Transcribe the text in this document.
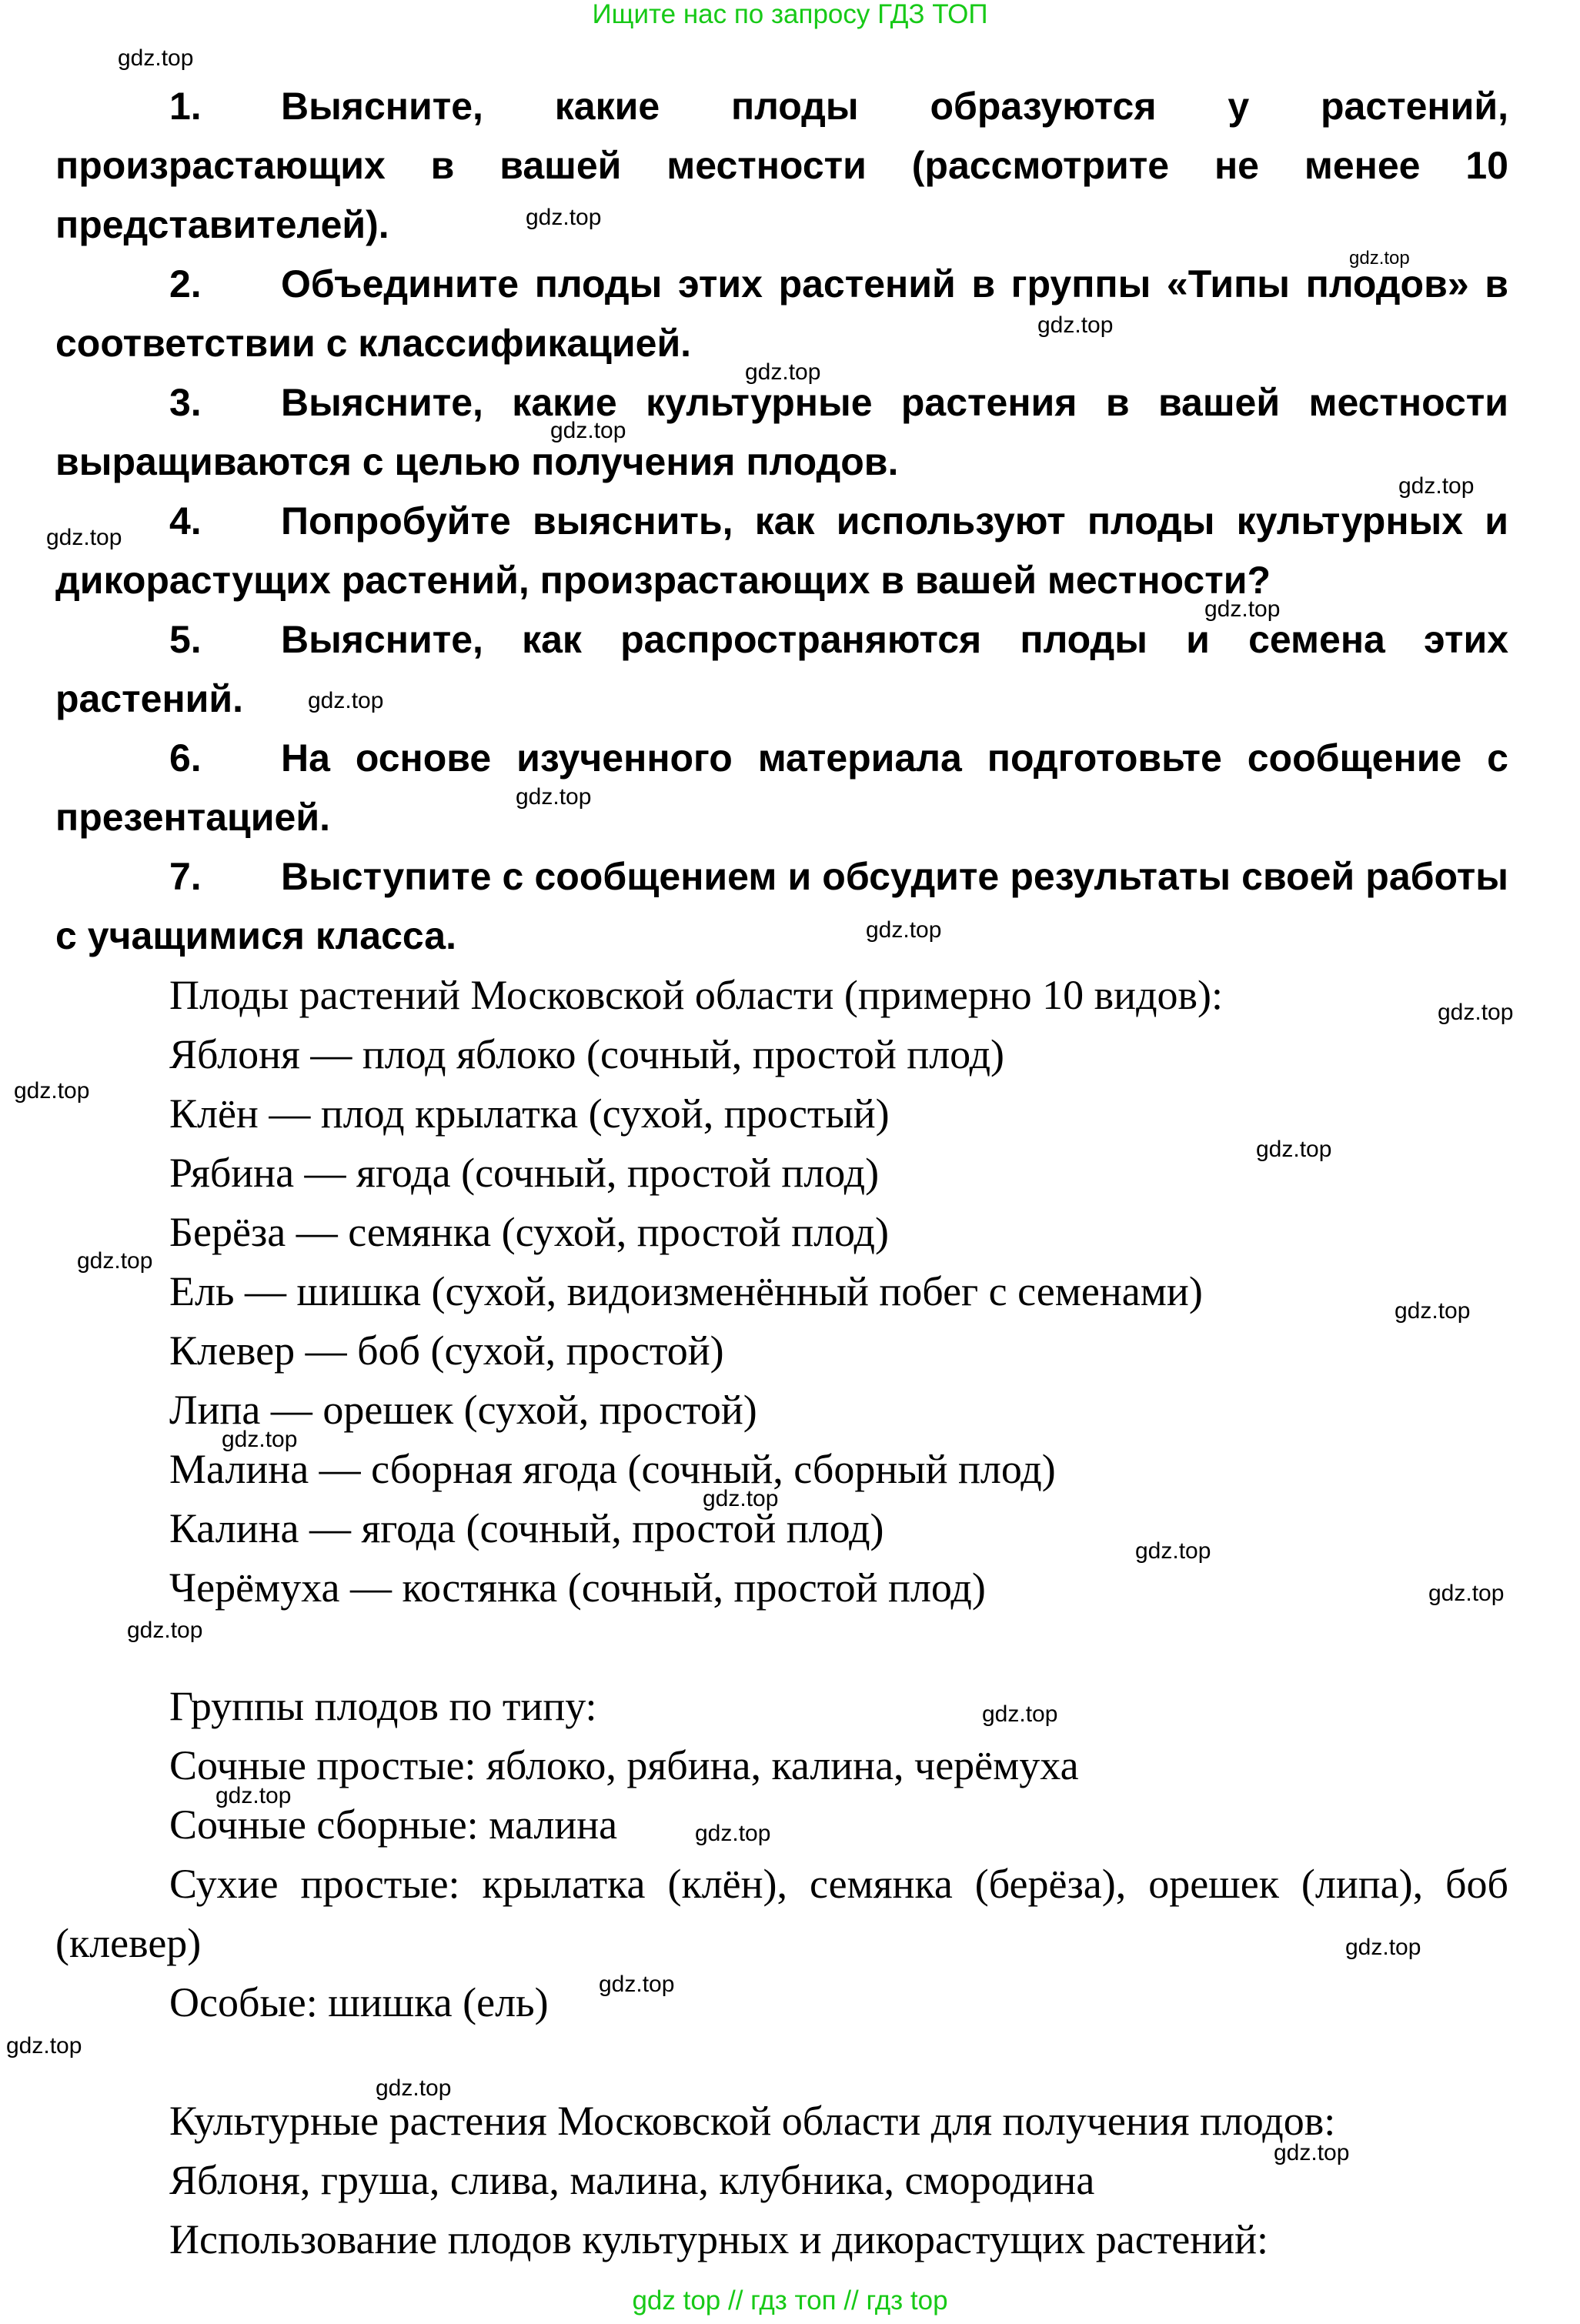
Ищите нас по запросу ГДЗ ТОП

1. Выясните, какие плоды образуются у растений, произрастающих в вашей местности (рассмотрите не менее 10 представителей).

2. Объедините плоды этих растений в группы «Типы плодов» в соответствии с классификацией.

3. Выясните, какие культурные растения в вашей местности выращиваются с целью получения плодов.

4. Попробуйте выяснить, как используют плоды культурных и дикорастущих растений, произрастающих в вашей местности?

5. Выясните, как распространяются плоды и семена этих растений.

6. На основе изученного материала подготовьте сообщение с презентацией.

7. Выступите с сообщением и обсудите результаты своей работы с учащимися класса.

Плоды растений Московской области (примерно 10 видов):

Яблоня — плод яблоко (сочный, простой плод)

Клён — плод крылатка (сухой, простый)

Рябина — ягода (сочный, простой плод)

Берёза — семянка (сухой, простой плод)

Ель — шишка (сухой, видоизменённый побег с семенами)

Клевер — боб (сухой, простой)

Липа — орешек (сухой, простой)

Малина — сборная ягода (сочный, сборный плод)

Калина — ягода (сочный, простой плод)

Черёмуха — костянка (сочный, простой плод)

Группы плодов по типу:

Сочные простые: яблоко, рябина, калина, черёмуха

Сочные сборные: малина

Сухие простые: крылатка (клён), семянка (берёза), орешек (липа), боб (клевер)

Особые: шишка (ель)

Культурные растения Московской области для получения плодов:

Яблоня, груша, слива, малина, клубника, смородина

Использование плодов культурных и дикорастущих растений:

gdz.top
gdz.top
gdz.top
gdz.top
gdz.top
gdz.top
gdz.top
gdz.top
gdz.top
gdz.top
gdz.top
gdz.top
gdz.top
gdz.top
gdz.top
gdz.top
gdz.top
gdz.top
gdz.top
gdz.top
gdz.top
gdz.top
gdz.top
gdz.top
gdz.top
gdz.top
gdz.top
gdz.top
gdz.top
gdz.top
gdz top // гдз топ // гдз top
